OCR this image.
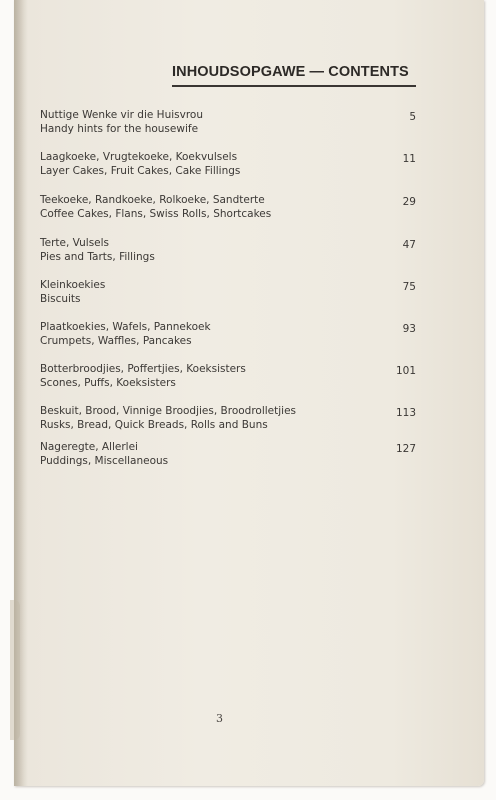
INHOUDSOPGAWE — CONTENTS
Nuttige Wenke vir die Huisvrou
Handy hints for the housewife
5
Laagkoeke, Vrugtekoeke, Koekvulsels
Layer Cakes, Fruit Cakes, Cake Fillings
11
Teekoeke, Randkoeke, Rolkoeke, Sandterte
Coffee Cakes, Flans, Swiss Rolls, Shortcakes
29
Terte, Vulsels
Pies and Tarts, Fillings
47
Kleinkoekies
Biscuits
75
Plaatkoekies, Wafels, Pannekoek
Crumpets, Waffles, Pancakes
93
Botterbroodjies, Poffertjies, Koeksisters
Scones, Puffs, Koeksisters
101
Beskuit, Brood, Vinnige Broodjies, Broodrolletjies
Rusks, Bread, Quick Breads, Rolls and Buns
113
Nageregte, Allerlei
Puddings, Miscellaneous
127
3
